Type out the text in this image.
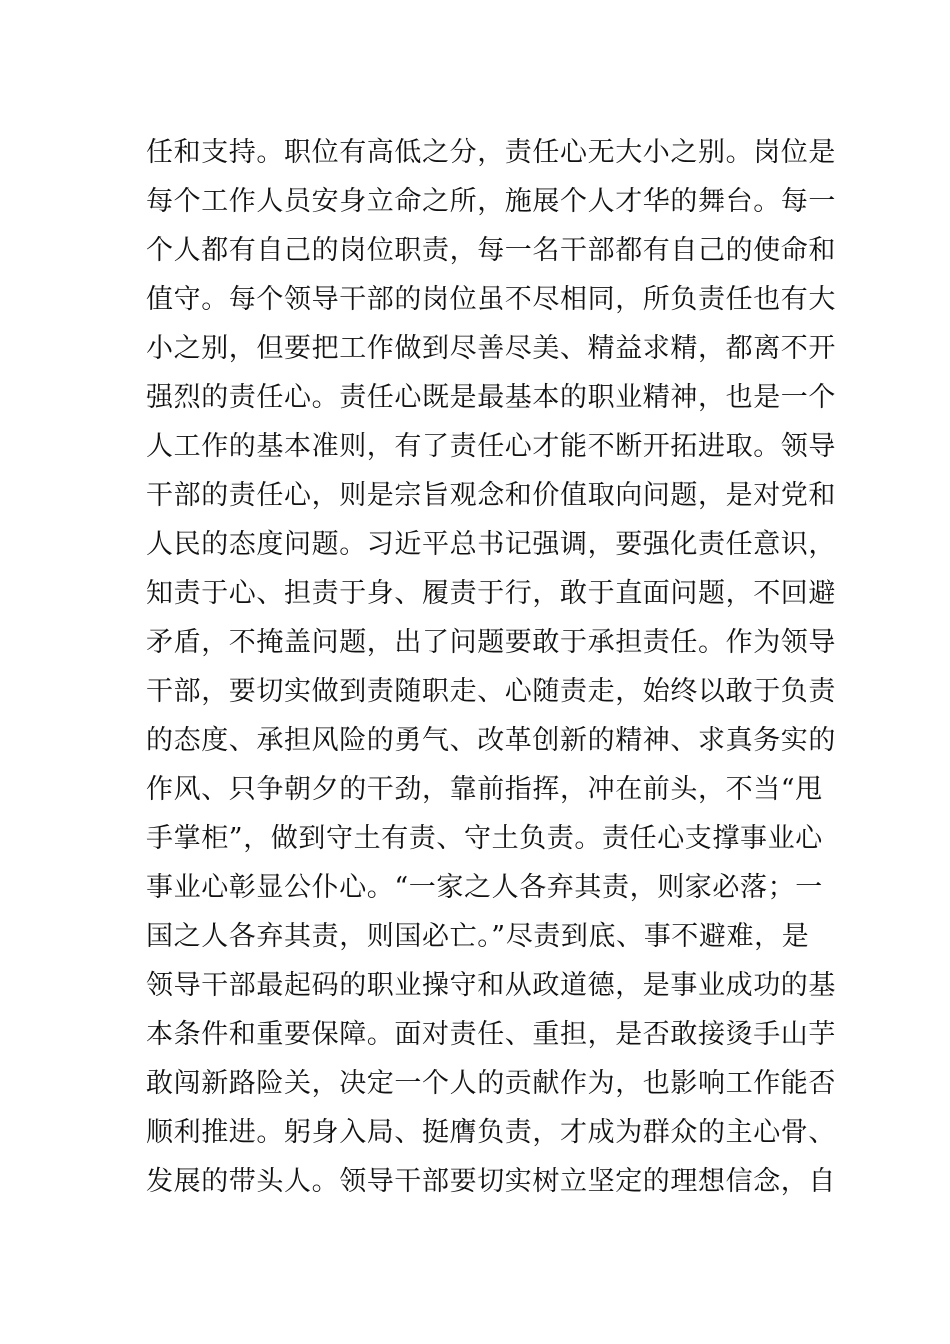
任和支持。职位有高低之分，责任心无大小之别。岗位是
每个工作人员安身立命之所，施展个人才华的舞台。每一
个人都有自己的岗位职责，每一名干部都有自己的使命和
值守。每个领导干部的岗位虽不尽相同，所负责任也有大
小之别，但要把工作做到尽善尽美、精益求精，都离不开
强烈的责任心。责任心既是最基本的职业精神，也是一个
人工作的基本准则，有了责任心才能不断开拓进取。领导
干部的责任心，则是宗旨观念和价值取向问题，是对党和
人民的态度问题。习近平总书记强调，要强化责任意识，
知责于心、担责于身、履责于行，敢于直面问题，不回避
矛盾，不掩盖问题，出了问题要敢于承担责任。作为领导
干部，要切实做到责随职走、心随责走，始终以敢于负责
的态度、承担风险的勇气、改革创新的精神、求真务实的
作风、只争朝夕的干劲，靠前指挥，冲在前头，不当“甩
手掌柜”，做到守土有责、守土负责。责任心支撑事业心
事业心彰显公仆心。“一家之人各弃其责，则家必落；一
国之人各弃其责，则国必亡。”尽责到底、事不避难，是
领导干部最起码的职业操守和从政道德，是事业成功的基
本条件和重要保障。面对责任、重担，是否敢接烫手山芋
敢闯新路险关，决定一个人的贡献作为，也影响工作能否
顺利推进。躬身入局、挺膺负责，才成为群众的主心骨、
发展的带头人。领导干部要切实树立坚定的理想信念，自
